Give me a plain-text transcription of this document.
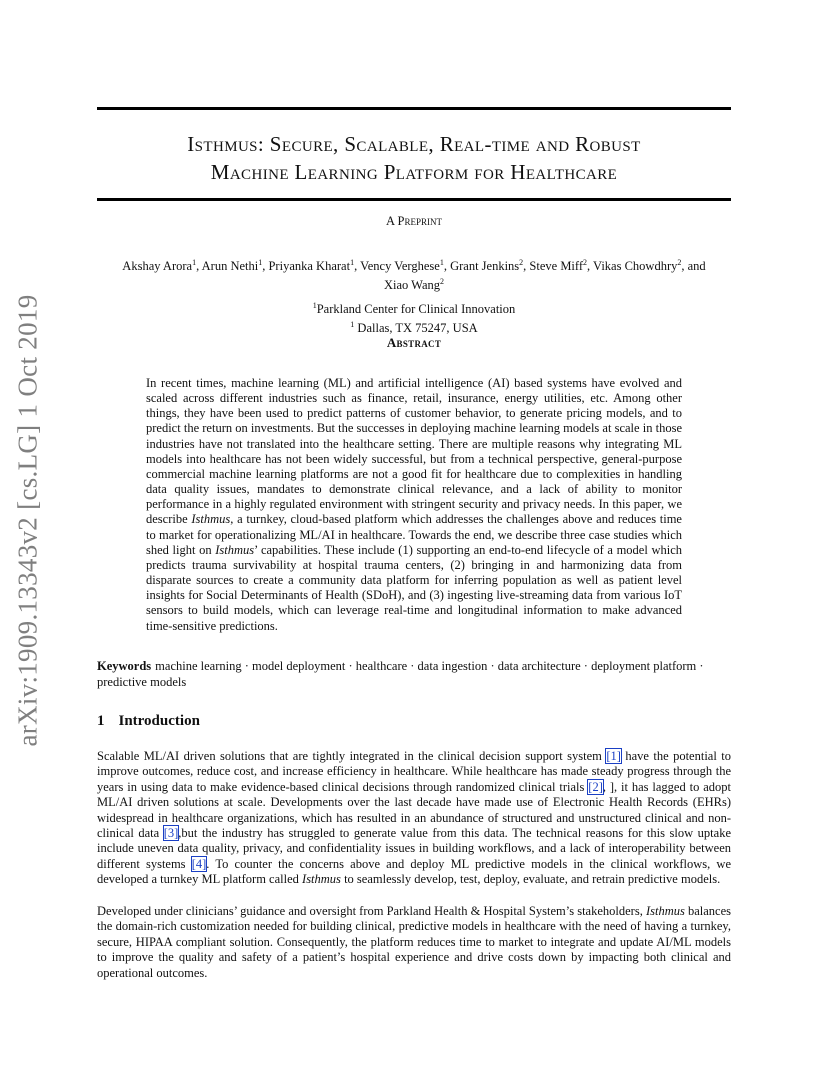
arXiv:1909.13343v2 [cs.LG] 1 Oct 2019
Isthmus: Secure, Scalable, Real-time and Robust
Machine Learning Platform for Healthcare
A Preprint
Akshay Arora$^1$, Arun Nethi$^1$, Priyanka Kharat$^1$, Vency Verghese$^1$, Grant Jenkins$^2$, Steve Miff$^2$, Vikas Chowdhry$^2$, and
Xiao Wang$^2$
$^1$Parkland Center for Clinical Innovation
$^1$ Dallas, TX 75247, USA
Abstract

In recent times, machine learning (ML) and artificial intelligence (AI) based systems have evolved and scaled across different industries such as finance, retail, insurance, energy utilities, etc. Among other things, they have been used to predict patterns of customer behavior, to generate pricing models, and to predict the return on investments. But the successes in deploying machine learning models at scale in those industries have not translated into the healthcare setting. There are multiple reasons why integrating ML models into healthcare has not been widely successful, but from a technical perspective, general-purpose commercial machine learning platforms are not a good fit for healthcare due to complexities in handling data quality issues, mandates to demonstrate clinical relevance, and a lack of ability to monitor performance in a highly regulated environment with stringent security and privacy needs. In this paper, we describe Isthmus, a turnkey, cloud-based platform which addresses the challenges above and reduces time to market for operationalizing ML/AI in healthcare. Towards the end, we describe three case studies which shed light on Isthmus’ capabilities. These include (1) supporting an end-to-end lifecycle of a model which predicts trauma survivability at hospital trauma centers, (2) bringing in and harmonizing data from disparate sources to create a community data platform for inferring population as well as patient level insights for Social Determinants of Health (SDoH), and (3) ingesting live-streaming data from various IoT sensors to build models, which can leverage real-time and longitudinal information to make advanced time-sensitive predictions.

Keywords machine learning · model deployment · healthcare · data ingestion · data architecture · deployment platform · predictive models

1 Introduction

Scalable ML/AI driven solutions that are tightly integrated in the clinical decision support system [1] have the potential to improve outcomes, reduce cost, and increase efficiency in healthcare. While healthcare has made steady progress through the years in using data to make evidence-based clinical decisions through randomized clinical trials [2], ], it has lagged to adopt ML/AI driven solutions at scale. Developments over the last decade have made use of Electronic Health Records (EHRs) widespread in healthcare organizations, which has resulted in an abundance of structured and unstructured clinical and non-clinical data [3],but the industry has struggled to generate value from this data. The technical reasons for this slow uptake include uneven data quality, privacy, and confidentiality issues in building workflows, and a lack of interoperability between different systems [4]. To counter the concerns above and deploy ML predictive models in the clinical workflows, we developed a turnkey ML platform called Isthmus to seamlessly develop, test, deploy, evaluate, and retrain predictive models.

Developed under clinicians’ guidance and oversight from Parkland Health & Hospital System’s stakeholders, Isthmus balances the domain-rich customization needed for building clinical, predictive models in healthcare with the need of having a turnkey, secure, HIPAA compliant solution. Consequently, the platform reduces time to market to integrate and update AI/ML models to improve the quality and safety of a patient’s hospital experience and drive costs down by impacting both clinical and operational outcomes.
